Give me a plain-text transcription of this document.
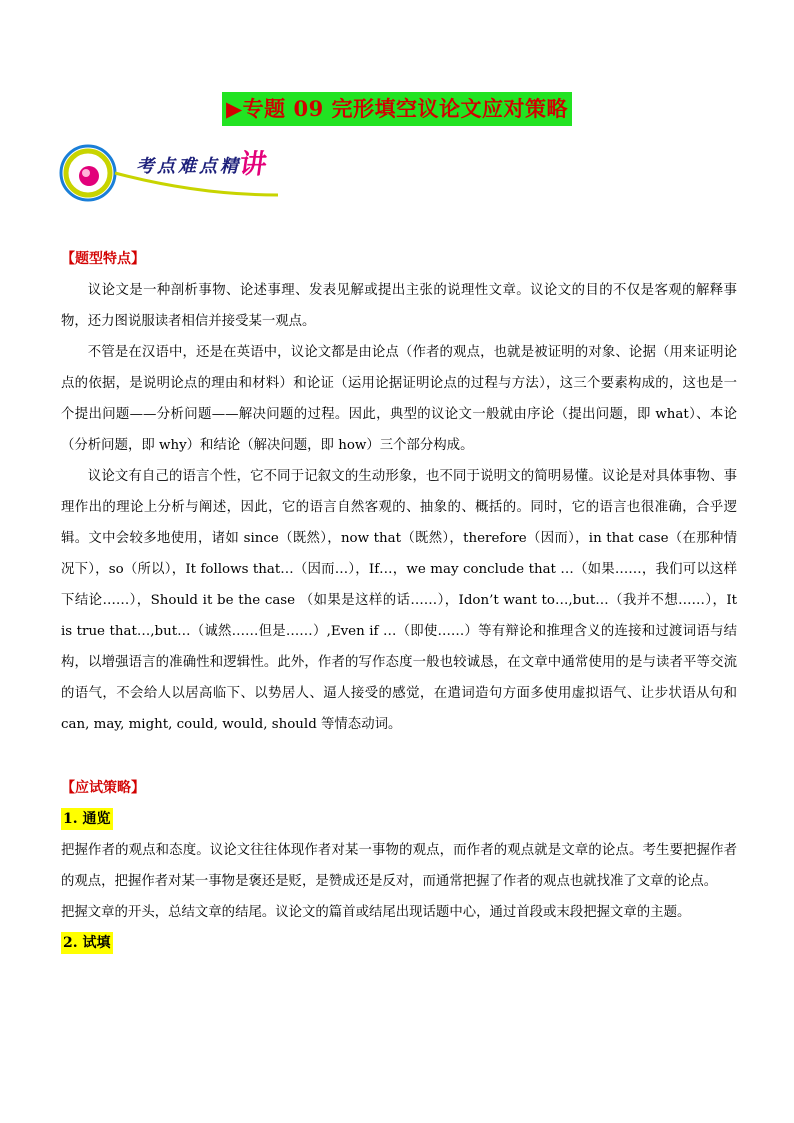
▶专题 09 完形填空议论文应对策略
考点难点精
讲
【题型特点】

议论文是一种剖析事物、论述事理、发表见解或提出主张的说理性文章。议论文的目的不仅是客观的解释事物，还力图说服读者相信并接受某一观点。

不管是在汉语中，还是在英语中，议论文都是由论点（作者的观点，也就是被证明的对象、论据（用来证明论点的依据，是说明论点的理由和材料）和论证（运用论据证明论点的过程与方法），这三个要素构成的，这也是一个提出问题——分析问题——解决问题的过程。因此，典型的议论文一般就由序论（提出问题，即 what）、本论（分析问题，即 why）和结论（解决问题，即 how）三个部分构成。

议论文有自己的语言个性，它不同于记叙文的生动形象，也不同于说明文的简明易懂。议论是对具体事物、事理作出的理论上分析与阐述，因此，它的语言自然客观的、抽象的、概括的。同时，它的语言也很准确，合乎逻辑。文中会较多地使用，诸如 since（既然），now that（既然），therefore（因而），in that case（在那种情况下），so（所以），It follows that…（因而…），If…，we may conclude that …（如果……，我们可以这样下结论……），Should it be the case （如果是这样的话……），Idon’t want to…,but…（我并不想……），It is true that…,but…（诚然……但是……）,Even if …（即使……）等有辩论和推理含义的连接和过渡词语与结构，以增强语言的准确性和逻辑性。此外，作者的写作态度一般也较诚恳，在文章中通常使用的是与读者平等交流的语气，不会给人以居高临下、以势居人、逼人接受的感觉，在遣词造句方面多使用虚拟语气、让步状语从句和 can, may, might, could, would, should 等情态动词。

【应试策略】
1. 通览

把握作者的观点和态度。议论文往往体现作者对某一事物的观点，而作者的观点就是文章的论点。考生要把握作者的观点，把握作者对某一事物是褒还是贬，是赞成还是反对，而通常把握了作者的观点也就找准了文章的论点。

把握文章的开头，总结文章的结尾。议论文的篇首或结尾出现话题中心，通过首段或末段把握文章的主题。

2. 试填
